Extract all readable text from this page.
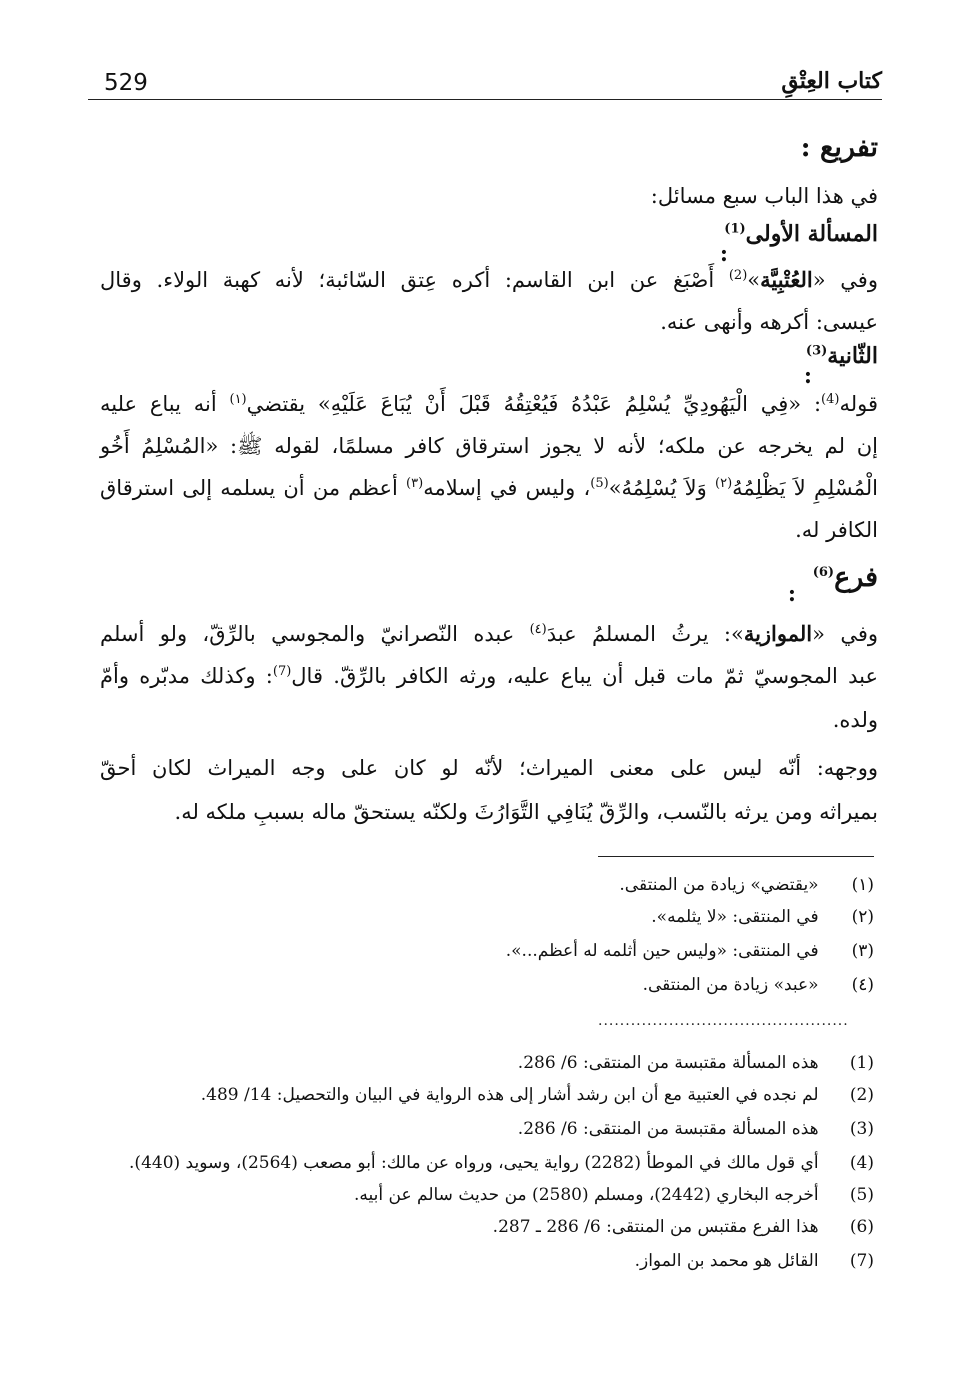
529	كتاب العِتْقِ
تفريع :
في هذا الباب سبع مسائل:
المسألة الأولى$^{(1)}$
:
وفي «العُتْبِيَّة»$^{(2)}$ أَصْبَغ عن ابن القاسم: أكره عِتق السّائبة؛ لأنه كهبة الولاء. وقال
عيسى: أكرهه وأنهى عنه.
الثّانية$^{(3)}$
:
قوله$^{(4)}$: «فِي الْيَهُودِيِّ يُسْلِمُ عَبْدُهُ فَيُعْتِقُهُ قَبْلَ أَنْ يُبَاعَ عَلَيْهِ» يقتضي$^{(١)}$ أنه يباع عليه
إن لم يخرجه عن ملكه؛ لأنه لا يجوز استرقاق كافر مسلمًا، لقوله ﷺ: «المُسْلِمُ أَخُو
الْمُسْلِمِ لاَ يَظْلِمُهُ$^{(٢)}$ وَلاَ يُسْلِمُهُ»$^{(5)}$، وليس في إسلامه$^{(٣)}$ أعظم من أن يسلمه إلى استرقاق
الكافر له.
فرع$^{(6)}$
:
وفي «الموازية»: يرثُ المسلمُ عبدَ$^{(٤)}$ عبده النّصرانيّ والمجوسي بالرِّقّ، ولو أسلم
عبد المجوسيّ ثمّ مات قبل أن يباع عليه، ورثه الكافر بالرِّقّ. قال$^{(7)}$: وكذلك مدبّره وأمّ
ولده.
ووجهه: أنّه ليس على معنى الميراث؛ لأنّه لو كان على وجه الميراث لكان أحقّ
بميراثه ومن يرثه بالنّسب، والرِّقّ يُنَافِي التَّوَارُثَ ولكنّه يستحقّ ماله بسببِ ملكه له.
(١) «يقتضي» زيادة من المنتقى.
(٢) في المنتقى: «لا يثلمه».
(٣) في المنتقى: «وليس حين أثلمه له أعظم...».
(٤) «عبد» زيادة من المنتقى.
..............................................
(1) هذه المسألة مقتبسة من المنتقى: 6/ 286.
(2) لم نجده في العتبية مع أن ابن رشد أشار إلى هذه الرواية في البيان والتحصيل: 14/ 489.
(3) هذه المسألة مقتبسة من المنتقى: 6/ 286.
(4) أي قول مالك في الموطأ (2282) رواية يحيى، ورواه عن مالك: أبو مصعب (2564)، وسويد (440).
(5) أخرجه البخاري (2442)، ومسلم (2580) من حديث سالم عن أبيه.
(6) هذا الفرع مقتبس من المنتقى: 6/ 286 ـ 287.
(7) القائل هو محمد بن المواز.
